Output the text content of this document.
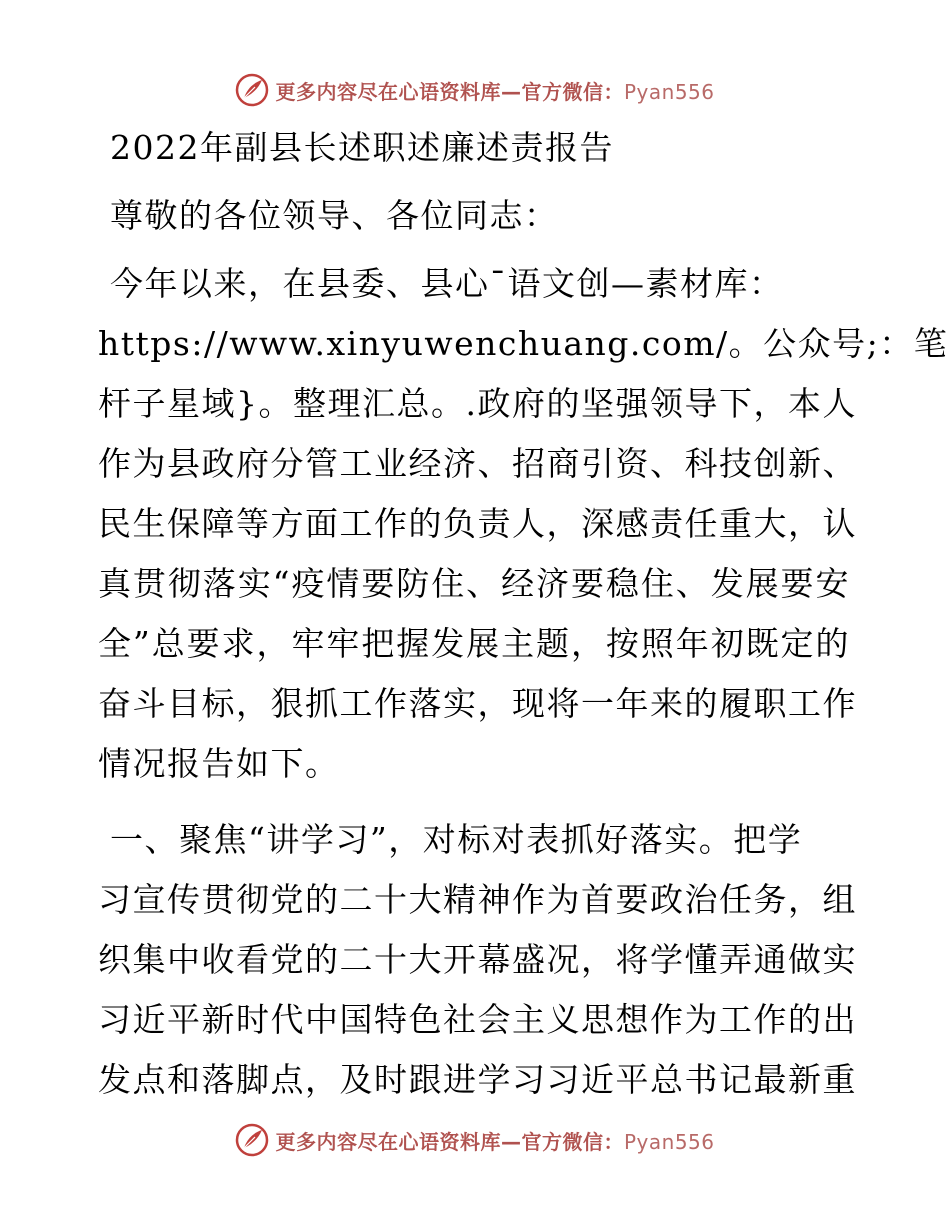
更多内容尽在心语资料库—官方微信：Pyan556
2022年副县长述职述廉述责报告
尊敬的各位领导、各位同志：
今年以来，在县委、县心¯语文创—素材库：
https://www.xinyuwenchuang.com/。公众号;：笔
杆子星域}。整理汇总。.政府的坚强领导下，本人
作为县政府分管工业经济、招商引资、科技创新、
民生保障等方面工作的负责人，深感责任重大，认
真贯彻落实“疫情要防住、经济要稳住、发展要安
全”总要求，牢牢把握发展主题，按照年初既定的
奋斗目标，狠抓工作落实，现将一年来的履职工作
情况报告如下。
一、聚焦“讲学习”，对标对表抓好落实。把学
习宣传贯彻党的二十大精神作为首要政治任务，组
织集中收看党的二十大开幕盛况，将学懂弄通做实
习近平新时代中国特色社会主义思想作为工作的出
发点和落脚点，及时跟进学习习近平总书记最新重
更多内容尽在心语资料库—官方微信：Pyan556
